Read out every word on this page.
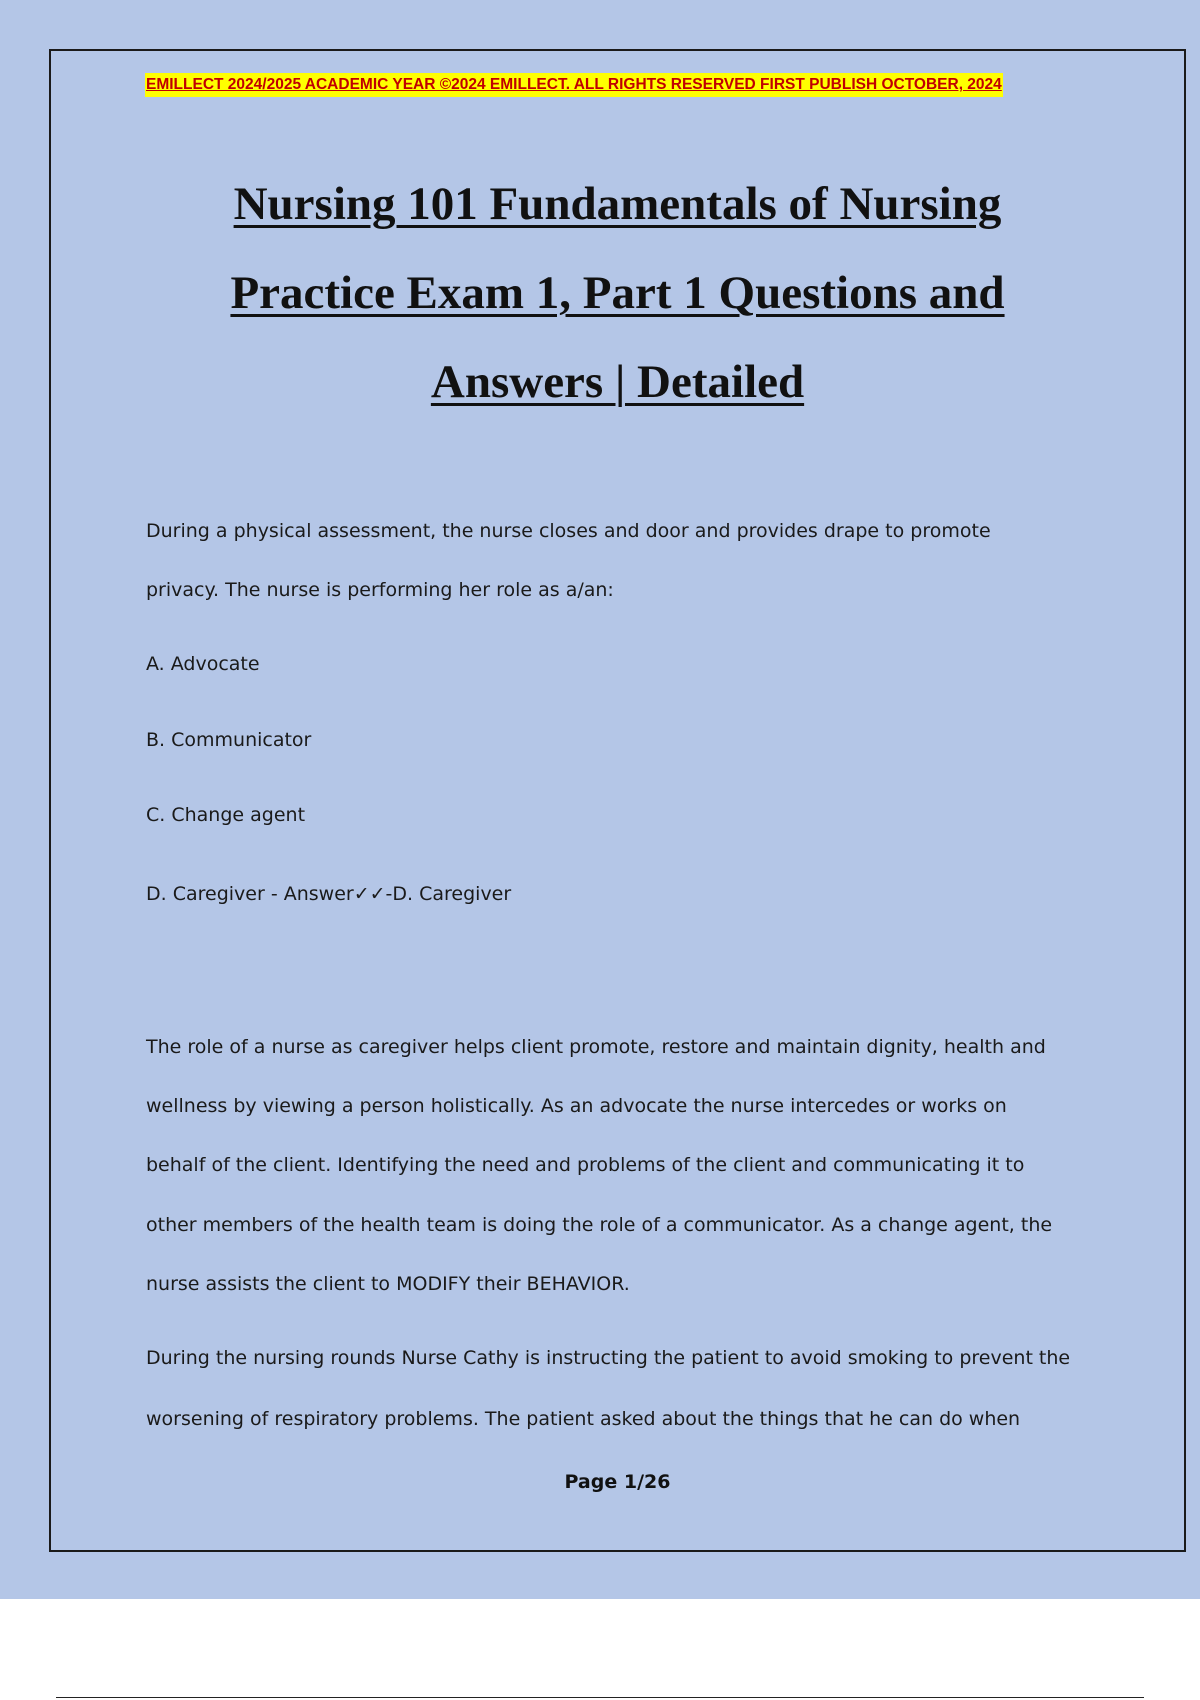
EMILLECT 2024/2025 ACADEMIC YEAR ©2024 EMILLECT. ALL RIGHTS RESERVED FIRST PUBLISH OCTOBER, 2024
Nursing 101 Fundamentals of Nursing
Practice Exam 1, Part 1 Questions and
Answers | Detailed

During a physical assessment, the nurse closes and door and provides drape to promote

privacy. The nurse is performing her role as a/an:

A. Advocate

B. Communicator

C. Change agent

D. Caregiver - Answer✓✓-D. Caregiver

The role of a nurse as caregiver helps client promote, restore and maintain dignity, health and

wellness by viewing a person holistically. As an advocate the nurse intercedes or works on

behalf of the client. Identifying the need and problems of the client and communicating it to

other members of the health team is doing the role of a communicator. As a change agent, the

nurse assists the client to MODIFY their BEHAVIOR.

During the nursing rounds Nurse Cathy is instructing the patient to avoid smoking to prevent the

worsening of respiratory problems. The patient asked about the things that he can do when

Page 1/26
